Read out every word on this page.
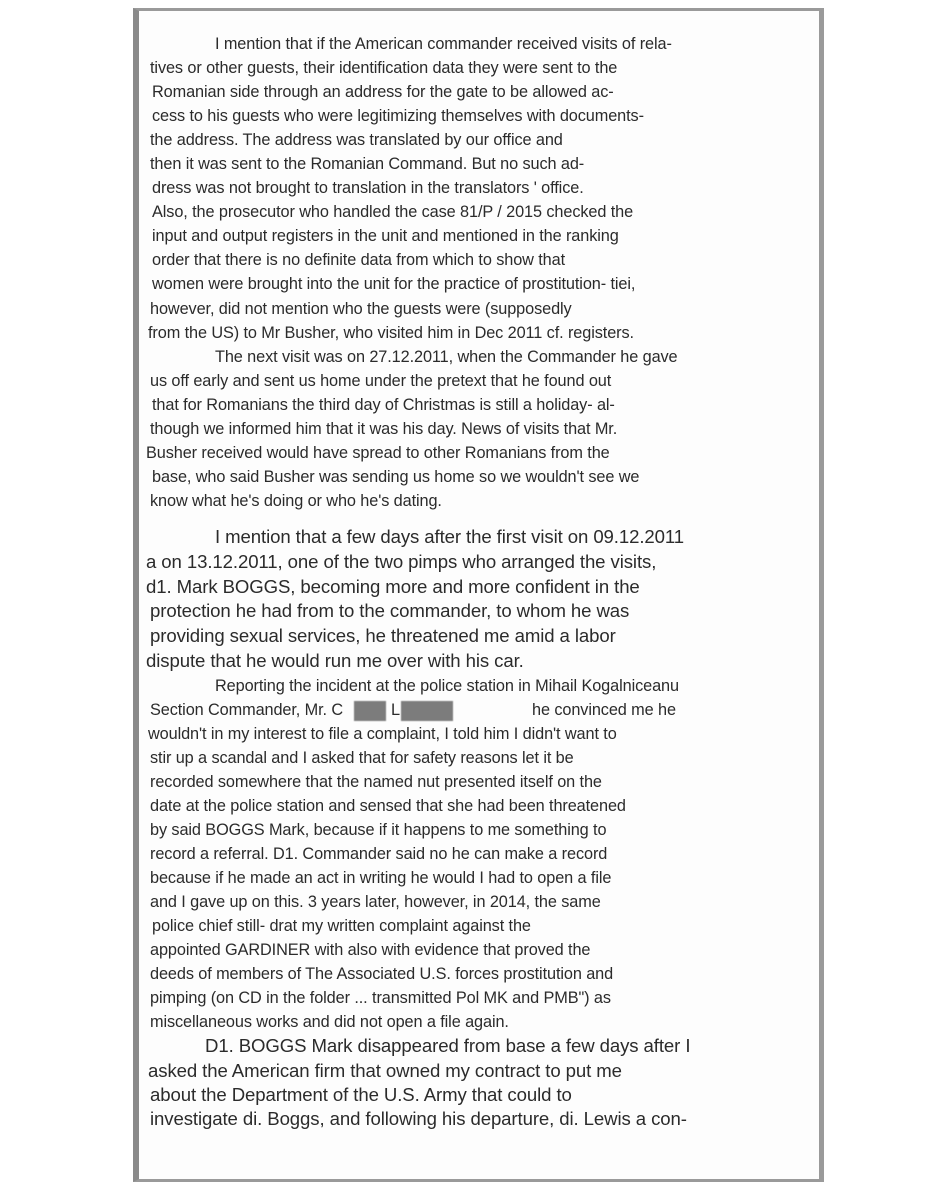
I mention that if the American commander received visits of rela-
tives or other guests, their identification data they were sent to the
Romanian side through an address for the gate to be allowed ac-
cess to his guests who were legitimizing themselves with documents-
the address. The address was translated by our office and
then it was sent to the Romanian Command. But no such ad-
dress was not brought to translation in the translators ' office.
Also, the prosecutor who handled the case 81/P / 2015 checked the
input and output registers in the unit and mentioned in the ranking
order that there is no definite data from which to show that
women were brought into the unit for the practice of prostitution- tiei,
however, did not mention who the guests were (supposedly
from the US) to Mr Busher, who visited him in Dec 2011 cf. registers.
The next visit was on 27.12.2011, when the Commander he gave
us off early and sent us home under the pretext that he found out
that for Romanians the third day of Christmas is still a holiday- al-
though we informed him that it was his day. News of visits that Mr.
Busher received would have spread to other Romanians from the
base, who said Busher was sending us home so we wouldn't see we
know what he's doing or who he's dating.
I mention that a few days after the first visit on 09.12.2011
a on 13.12.2011, one of the two pimps who arranged the visits,
d1. Mark BOGGS, becoming more and more confident in the
protection he had from to the commander, to whom he was
providing sexual services, he threatened me amid a labor
dispute that he would run me over with his car.
Reporting the incident at the police station in Mihail Kogalniceanu
Section Commander, Mr. C
wouldn't in my interest to file a complaint, I told him I didn't want to
stir up a scandal and I asked that for safety reasons let it be
recorded somewhere that the named nut presented itself on the
date at the police station and sensed that she had been threatened
by said BOGGS Mark, because if it happens to me something to
record a referral. D1. Commander said no he can make a record
because if he made an act in writing he would I had to open a file
and I gave up on this. 3 years later, however, in 2014, the same
police chief still- drat my written complaint against the
appointed GARDINER with also with evidence that proved the
deeds of members of The Associated U.S. forces prostitution and
pimping (on CD in the folder ... transmitted Pol MK and PMB") as
miscellaneous works and did not open a file again.
D1. BOGGS Mark disappeared from base a few days after I
asked the American firm that owned my contract to put me
about the Department of the U.S. Army that could to
investigate di. Boggs, and following his departure, di. Lewis a con-
L	he convinced me he
